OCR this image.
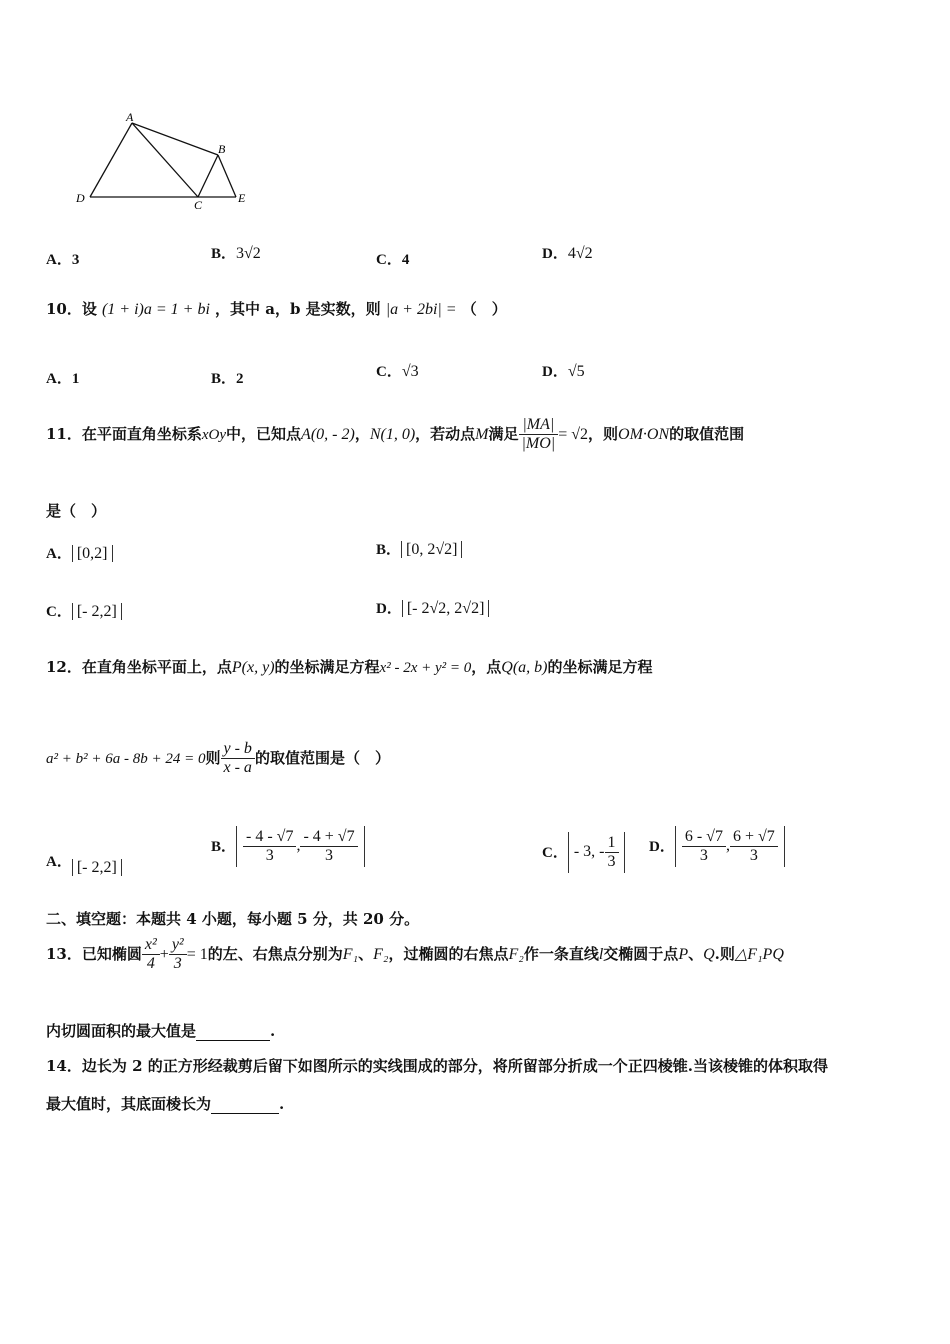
A
B
D	C	E
A．3	B．3√2	C．4	D．4√2
10．设 (1 + i)a = 1 + bi ，其中 a，b 是实数，则 |a + 2bi| = （　）
A．1	B．2	C．√3	D．√5
11．在平面直角坐标系xOy中，已知点A(0, - 2)，N(1, 0)，若动点M满足 $\frac{|MA|}{|MO|} = √2$，则OM·ON的取值范围
是（　）
A． [0,2]	B． [0, 2√2]
C． [- 2,2]	D． [- 2√2, 2√2]
12．在直角坐标平面上，点P(x, y)的坐标满足方程x² - 2x + y² = 0，点Q(a, b)的坐标满足方程
a² + b² + 6a - 8b + 24 = 0则 $\frac{y - b}{x - a}$ 的取值范围是（　）
A． [- 2,2]
B． $\frac{- 4 - √7}{3}$ , $\frac{- 4 + √7}{3}$	C． - 3, - $\frac{1}{3}$ D． $\frac{6 - √7}{3}$ , $\frac{6 + √7}{3}$
二、填空题：本题共 4 小题，每小题 5 分，共 20 分。
13．已知椭圆 $\frac{\text{x²}}{4} + \frac{\text{y²}}{3} = 1$的左、右焦点分别为F₁、F₂，过椭圆的右焦点F₂作一条直线l交椭圆于点P、Q.则△F₁PQ
内切圆面积的最大值是	.
14．边长为 2 的正方形经裁剪后留下如图所示的实线围成的部分，将所留部分折成一个正四棱锥.当该棱锥的体积取得
最大值时，其底面棱长为	.
